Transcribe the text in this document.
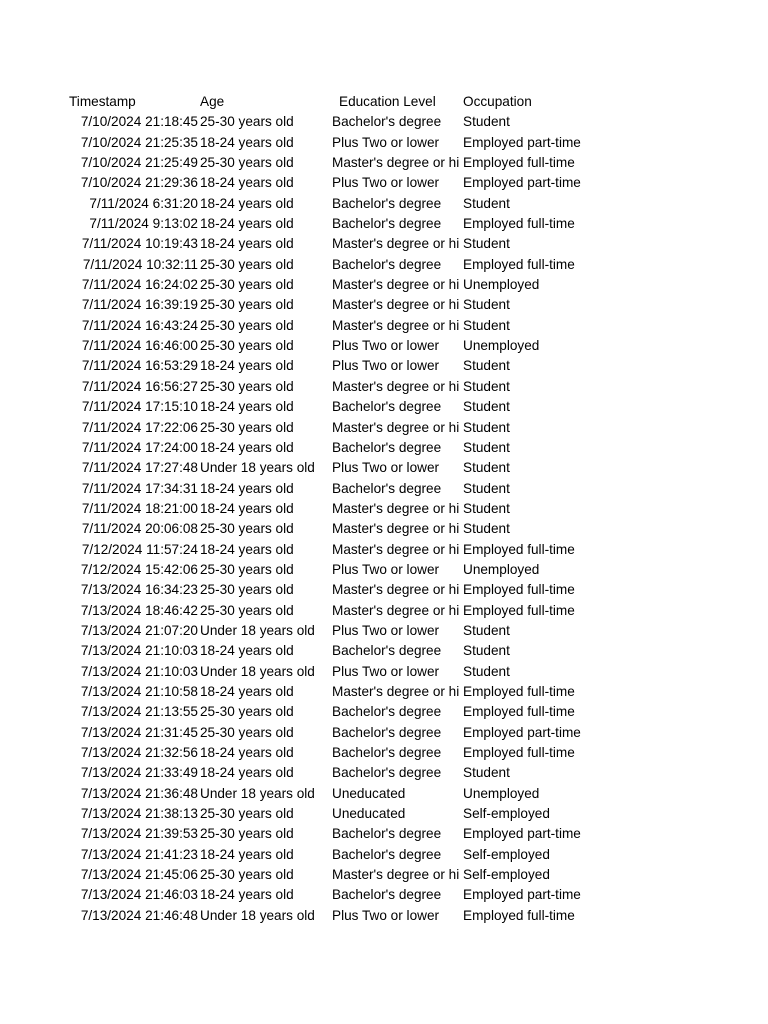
Timestamp	Age	Education Level	Occupation
7/10/2024 21:18:45 25-30 years old	Bachelor's degree	Student
7/10/2024 21:25:35 18-24 years old	Plus Two or lower	Employed part-time
7/10/2024 21:25:49 25-30 years old	Master's degree or hi Employed full-time
7/10/2024 21:29:36 18-24 years old	Plus Two or lower	Employed part-time
7/11/2024 6:31:20 18-24 years old	Bachelor's degree	Student
7/11/2024 9:13:02 18-24 years old	Bachelor's degree	Employed full-time
7/11/2024 10:19:43 18-24 years old	Master's degree or hi Student
7/11/2024 10:32:11 25-30 years old	Bachelor's degree	Employed full-time
7/11/2024 16:24:02 25-30 years old	Master's degree or hi Unemployed
7/11/2024 16:39:19 25-30 years old	Master's degree or hi Student
7/11/2024 16:43:24 25-30 years old	Master's degree or hi Student
7/11/2024 16:46:00 25-30 years old	Plus Two or lower	Unemployed
7/11/2024 16:53:29 18-24 years old	Plus Two or lower	Student
7/11/2024 16:56:27 25-30 years old	Master's degree or hi Student
7/11/2024 17:15:10 18-24 years old	Bachelor's degree	Student
7/11/2024 17:22:06 25-30 years old	Master's degree or hi Student
7/11/2024 17:24:00 18-24 years old	Bachelor's degree	Student
7/11/2024 17:27:48 Under 18 years old	Plus Two or lower	Student
7/11/2024 17:34:31 18-24 years old	Bachelor's degree	Student
7/11/2024 18:21:00 18-24 years old	Master's degree or hi Student
7/11/2024 20:06:08 25-30 years old	Master's degree or hi Student
7/12/2024 11:57:24 18-24 years old	Master's degree or hi Employed full-time
7/12/2024 15:42:06 25-30 years old	Plus Two or lower	Unemployed
7/13/2024 16:34:23 25-30 years old	Master's degree or hi Employed full-time
7/13/2024 18:46:42 25-30 years old	Master's degree or hi Employed full-time
7/13/2024 21:07:20 Under 18 years old	Plus Two or lower	Student
7/13/2024 21:10:03 18-24 years old	Bachelor's degree	Student
7/13/2024 21:10:03 Under 18 years old	Plus Two or lower	Student
7/13/2024 21:10:58 18-24 years old	Master's degree or hi Employed full-time
7/13/2024 21:13:55 25-30 years old	Bachelor's degree	Employed full-time
7/13/2024 21:31:45 25-30 years old	Bachelor's degree	Employed part-time
7/13/2024 21:32:56 18-24 years old	Bachelor's degree	Employed full-time
7/13/2024 21:33:49 18-24 years old	Bachelor's degree	Student
7/13/2024 21:36:48 Under 18 years old	Uneducated	Unemployed
7/13/2024 21:38:13 25-30 years old	Uneducated	Self-employed
7/13/2024 21:39:53 25-30 years old	Bachelor's degree	Employed part-time
7/13/2024 21:41:23 18-24 years old	Bachelor's degree	Self-employed
7/13/2024 21:45:06 25-30 years old	Master's degree or hi Self-employed
7/13/2024 21:46:03 18-24 years old	Bachelor's degree	Employed part-time
7/13/2024 21:46:48 Under 18 years old	Plus Two or lower	Employed full-time
